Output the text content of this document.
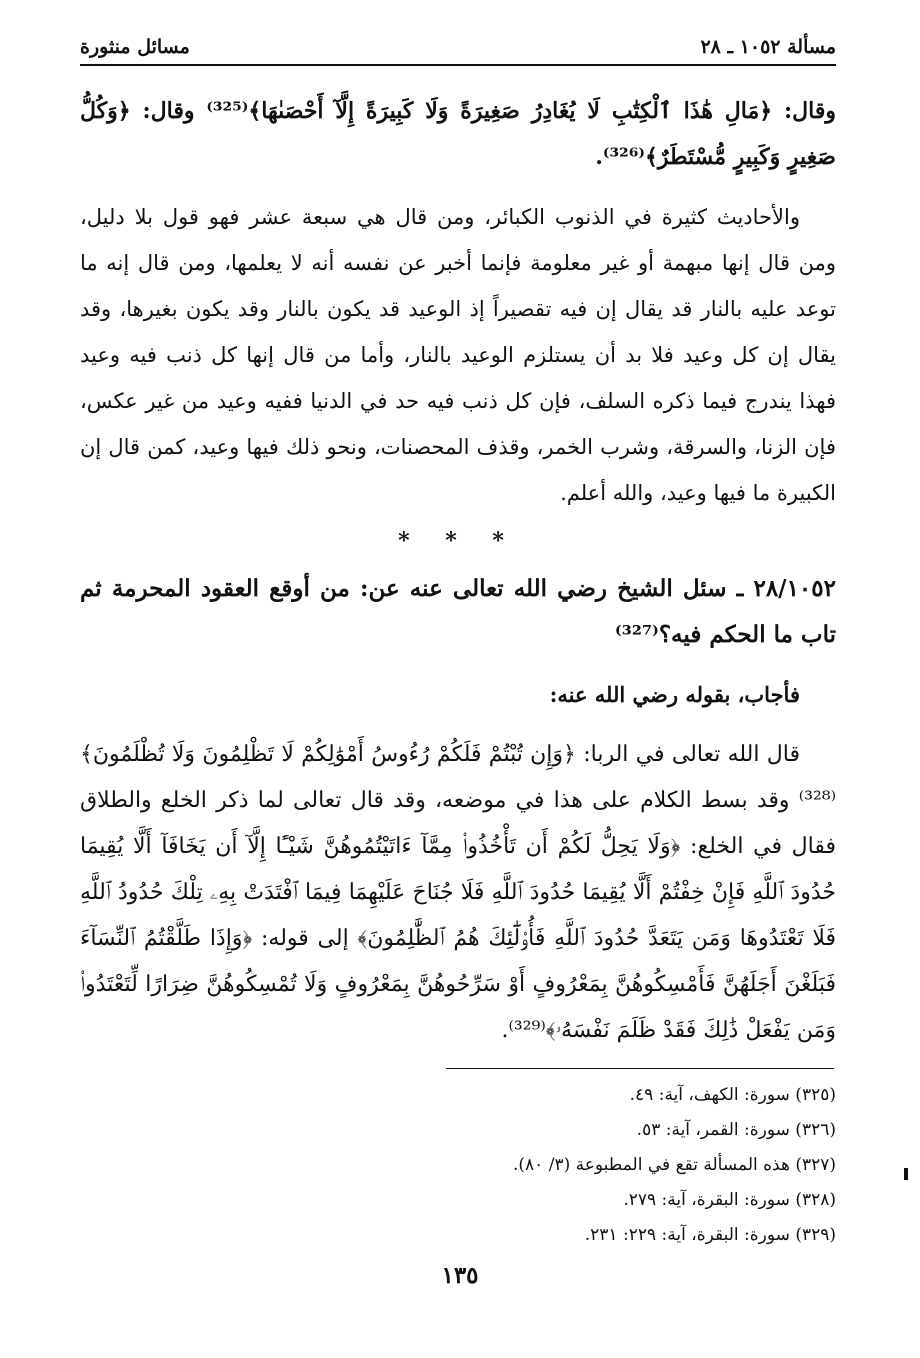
مسألة ١٠٥٢ ـ ٢٨
مسائل منثورة

وقال: ﴿مَالِ هَٰذَا ٱلْكِتَٰبِ لَا يُغَادِرُ صَغِيرَةً وَلَا كَبِيرَةً إِلَّآ أَحْصَىٰهَا﴾⁽³²⁵⁾ وقال: ﴿وَكُلُّ صَغِيرٍ وَكَبِيرٍ مُّسْتَطَرٌ﴾⁽³²⁶⁾.

والأحاديث كثيرة في الذنوب الكبائر، ومن قال هي سبعة عشر فهو قول بلا دليل، ومن قال إنها مبهمة أو غير معلومة فإنما أخبر عن نفسه أنه لا يعلمها، ومن قال إنه ما توعد عليه بالنار قد يقال إن فيه تقصيراً إذ الوعيد قد يكون بالنار وقد يكون بغيرها، وقد يقال إن كل وعيد فلا بد أن يستلزم الوعيد بالنار، وأما من قال إنها كل ذنب فيه وعيد فهذا يندرج فيما ذكره السلف، فإن كل ذنب فيه حد في الدنيا ففيه وعيد من غير عكس، فإن الزنا، والسرقة، وشرب الخمر، وقذف المحصنات، ونحو ذلك فيها وعيد، كمن قال إن الكبيرة ما فيها وعيد، والله أعلم.

* * *

٢٨/١٠٥٢ ـ سئل الشيخ رضي الله تعالى عنه عن: من أوقع العقود المحرمة ثم تاب ما الحكم فيه؟⁽³²⁷⁾

فأجاب، بقوله رضي الله عنه:

قال الله تعالى في الربا: ﴿وَإِن تُبْتُمْ فَلَكُمْ رُءُوسُ أَمْوَٰلِكُمْ لَا تَظْلِمُونَ وَلَا تُظْلَمُونَ﴾⁽³²⁸⁾ وقد بسط الكلام على هذا في موضعه، وقد قال تعالى لما ذكر الخلع والطلاق فقال في الخلع: ﴿وَلَا يَحِلُّ لَكُمْ أَن تَأْخُذُوا۟ مِمَّآ ءَاتَيْتُمُوهُنَّ شَيْـًٔا إِلَّآ أَن يَخَافَآ أَلَّا يُقِيمَا حُدُودَ ٱللَّهِ فَإِنْ خِفْتُمْ أَلَّا يُقِيمَا حُدُودَ ٱللَّهِ فَلَا جُنَاحَ عَلَيْهِمَا فِيمَا ٱفْتَدَتْ بِهِۦ تِلْكَ حُدُودُ ٱللَّهِ فَلَا تَعْتَدُوهَا وَمَن يَتَعَدَّ حُدُودَ ٱللَّهِ فَأُو۟لَٰٓئِكَ هُمُ ٱلظَّٰلِمُونَ﴾ إلى قوله: ﴿وَإِذَا طَلَّقْتُمُ ٱلنِّسَآءَ فَبَلَغْنَ أَجَلَهُنَّ فَأَمْسِكُوهُنَّ بِمَعْرُوفٍ أَوْ سَرِّحُوهُنَّ بِمَعْرُوفٍ وَلَا تُمْسِكُوهُنَّ ضِرَارًا لِّتَعْتَدُوا۟ وَمَن يَفْعَلْ ذَٰلِكَ فَقَدْ ظَلَمَ نَفْسَهُۥ﴾⁽³²⁹⁾.

(٣٢٥) سورة: الكهف، آية: ٤٩.
(٣٢٦) سورة: القمر، آية: ٥٣.
(٣٢٧) هذه المسألة تقع في المطبوعة (٣/ ٨٠).
(٣٢٨) سورة: البقرة، آية: ٢٧٩.
(٣٢٩) سورة: البقرة، آية: ٢٢٩: ٢٣١.
١٣٥
